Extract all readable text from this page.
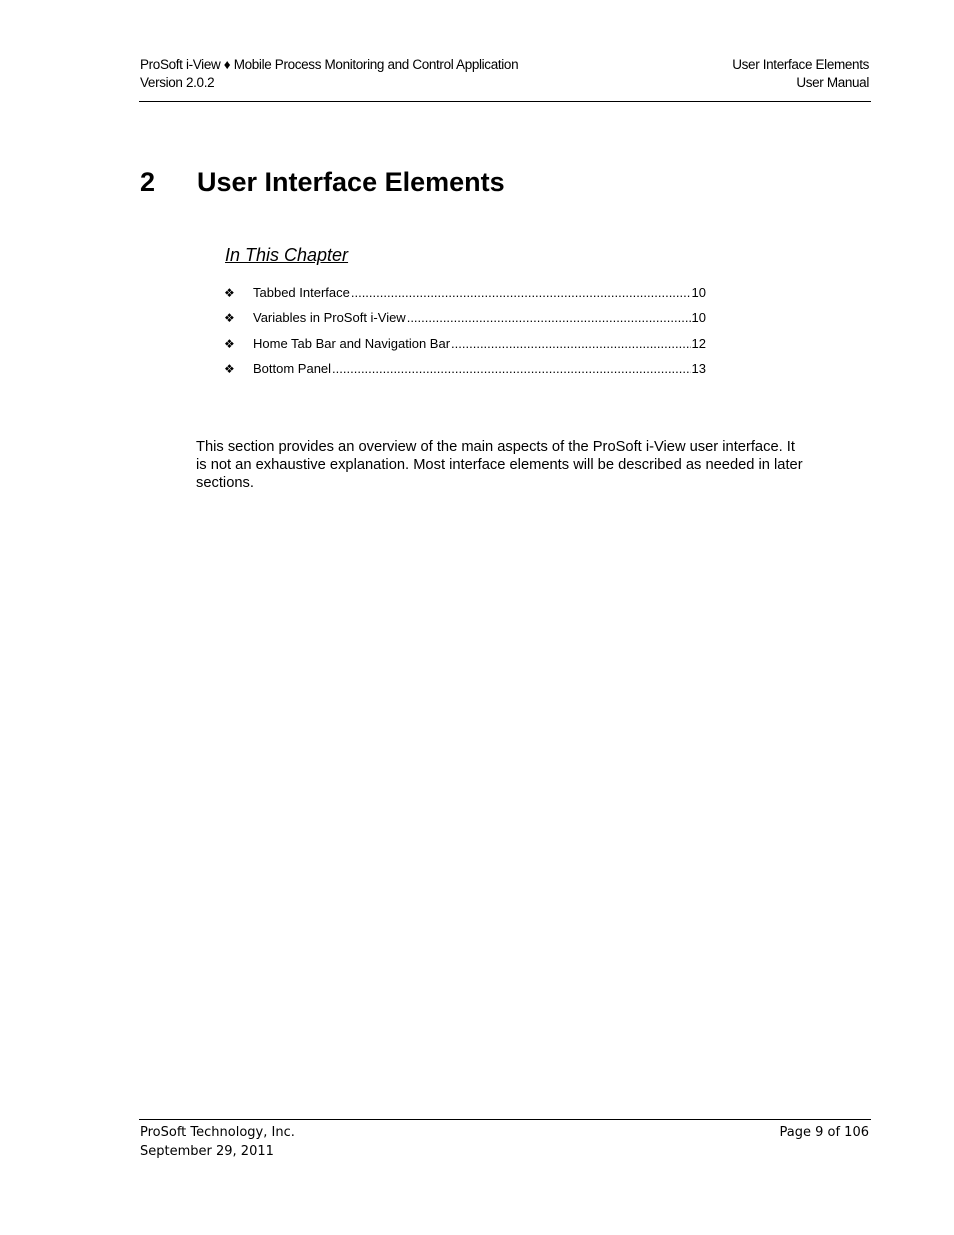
ProSoft i-View ♦ Mobile Process Monitoring and Control Application
Version 2.0.2
User Interface Elements
User Manual
2 User Interface Elements
In This Chapter
❖	Tabbed Interface .....	10
❖	Variables in ProSoft i-View .....	10
❖	Home Tab Bar and Navigation Bar .....	12
❖	Bottom Panel .....	13

This section provides an overview of the main aspects of the ProSoft i-View user interface. It is not an exhaustive explanation. Most interface elements will be described as needed in later sections.

ProSoft Technology, Inc.
September 29, 2011
Page 9 of 106
